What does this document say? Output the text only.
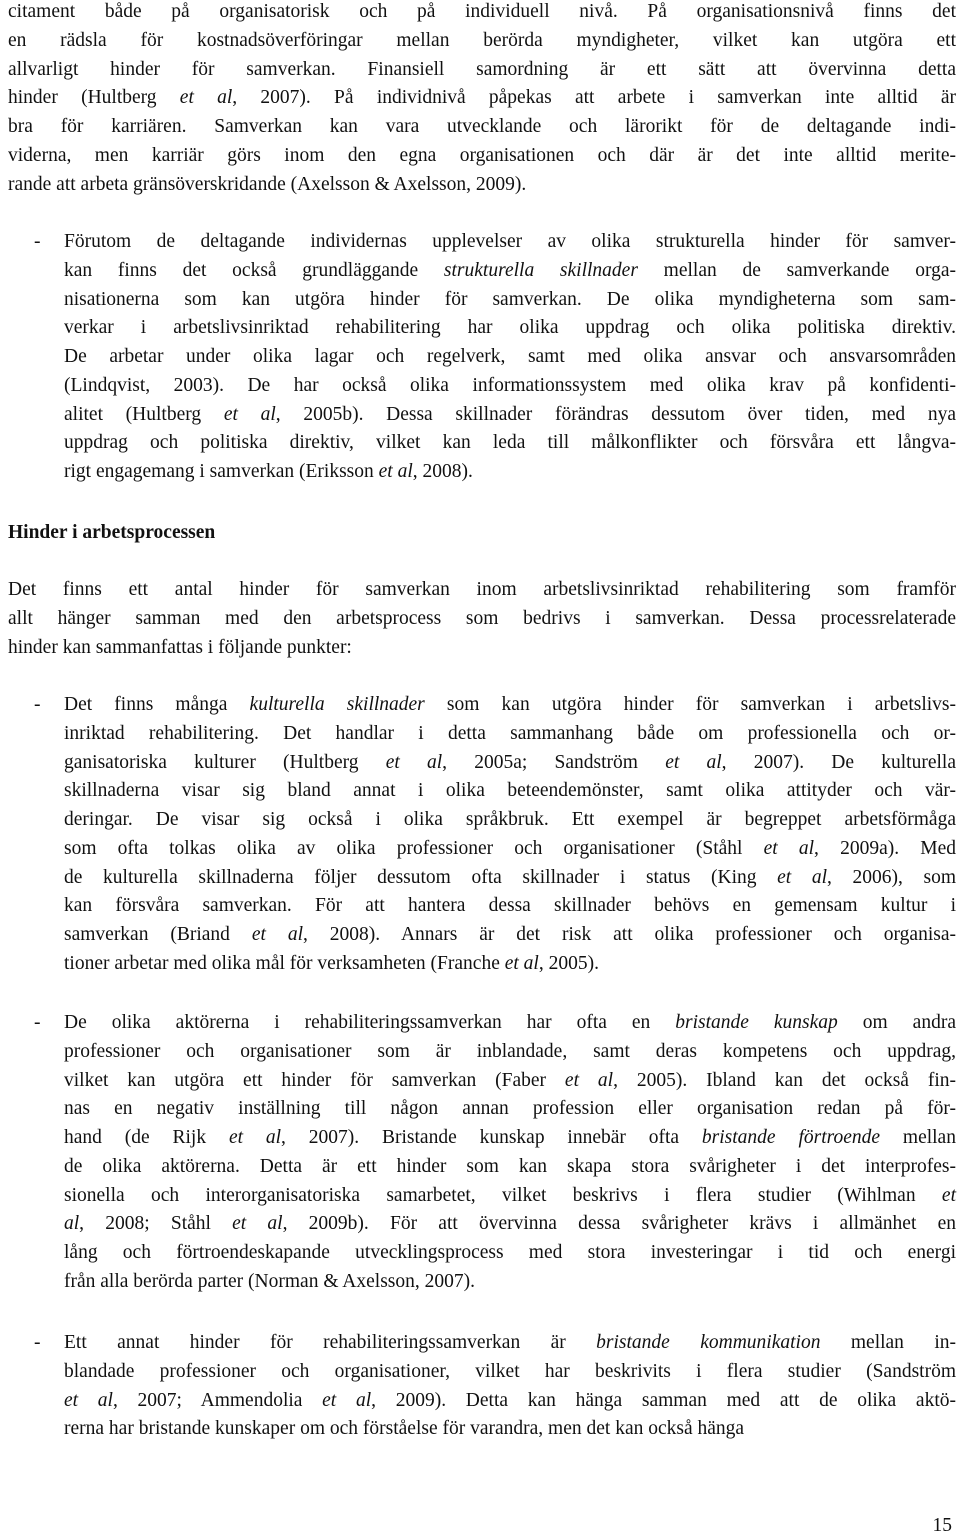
citament både på organisatorisk och på individuell nivå. På organisationsnivå finns det
en rädsla för kostnadsöverföringar mellan berörda myndigheter, vilket kan utgöra ett
allvarligt hinder för samverkan. Finansiell samordning är ett sätt att övervinna detta
hinder (Hultberg et al, 2007). På individnivå påpekas att arbete i samverkan inte alltid är
bra för karriären. Samverkan kan vara utvecklande och lärorikt för de deltagande indi-
viderna, men karriär görs inom den egna organisationen och där är det inte alltid merite-
rande att arbeta gränsöverskridande (Axelsson & Axelsson, 2009).
- Förutom de deltagande individernas upplevelser av olika strukturella hinder för samver-
kan finns det också grundläggande strukturella skillnader mellan de samverkande orga-
nisationerna som kan utgöra hinder för samverkan. De olika myndigheterna som sam-
verkar i arbetslivsinriktad rehabilitering har olika uppdrag och olika politiska direktiv.
De arbetar under olika lagar och regelverk, samt med olika ansvar och ansvarsområden
(Lindqvist, 2003). De har också olika informationssystem med olika krav på konfidenti-
alitet (Hultberg et al, 2005b). Dessa skillnader förändras dessutom över tiden, med nya
uppdrag och politiska direktiv, vilket kan leda till målkonflikter och försvåra ett långva-
rigt engagemang i samverkan (Eriksson et al, 2008).
Hinder i arbetsprocessen
Det finns ett antal hinder för samverkan inom arbetslivsinriktad rehabilitering som framför
allt hänger samman med den arbetsprocess som bedrivs i samverkan. Dessa processrelaterade
hinder kan sammanfattas i följande punkter:
- Det finns många kulturella skillnader som kan utgöra hinder för samverkan i arbetslivs-
inriktad rehabilitering. Det handlar i detta sammanhang både om professionella och or-
ganisatoriska kulturer (Hultberg et al, 2005a; Sandström et al, 2007). De kulturella
skillnaderna visar sig bland annat i olika beteendemönster, samt olika attityder och vär-
deringar. De visar sig också i olika språkbruk. Ett exempel är begreppet arbetsförmåga
som ofta tolkas olika av olika professioner och organisationer (Ståhl et al, 2009a). Med
de kulturella skillnaderna följer dessutom ofta skillnader i status (King et al, 2006), som
kan försvåra samverkan. För att hantera dessa skillnader behövs en gemensam kultur i
samverkan (Briand et al, 2008). Annars är det risk att olika professioner och organisa-
tioner arbetar med olika mål för verksamheten (Franche et al, 2005).
- De olika aktörerna i rehabiliteringssamverkan har ofta en bristande kunskap om andra
professioner och organisationer som är inblandade, samt deras kompetens och uppdrag,
vilket kan utgöra ett hinder för samverkan (Faber et al, 2005). Ibland kan det också fin-
nas en negativ inställning till någon annan profession eller organisation redan på för-
hand (de Rijk et al, 2007). Bristande kunskap innebär ofta bristande förtroende mellan
de olika aktörerna. Detta är ett hinder som kan skapa stora svårigheter i det interprofes-
sionella och interorganisatoriska samarbetet, vilket beskrivs i flera studier (Wihlman et
al, 2008; Ståhl et al, 2009b). För att övervinna dessa svårigheter krävs i allmänhet en
lång och förtroendeskapande utvecklingsprocess med stora investeringar i tid och energi
från alla berörda parter (Norman & Axelsson, 2007).
- Ett annat hinder för rehabiliteringssamverkan är bristande kommunikation mellan in-
blandade professioner och organisationer, vilket har beskrivits i flera studier (Sandström
et al, 2007; Ammendolia et al, 2009). Detta kan hänga samman med att de olika aktö-
rerna har bristande kunskaper om och förståelse för varandra, men det kan också hänga
15
